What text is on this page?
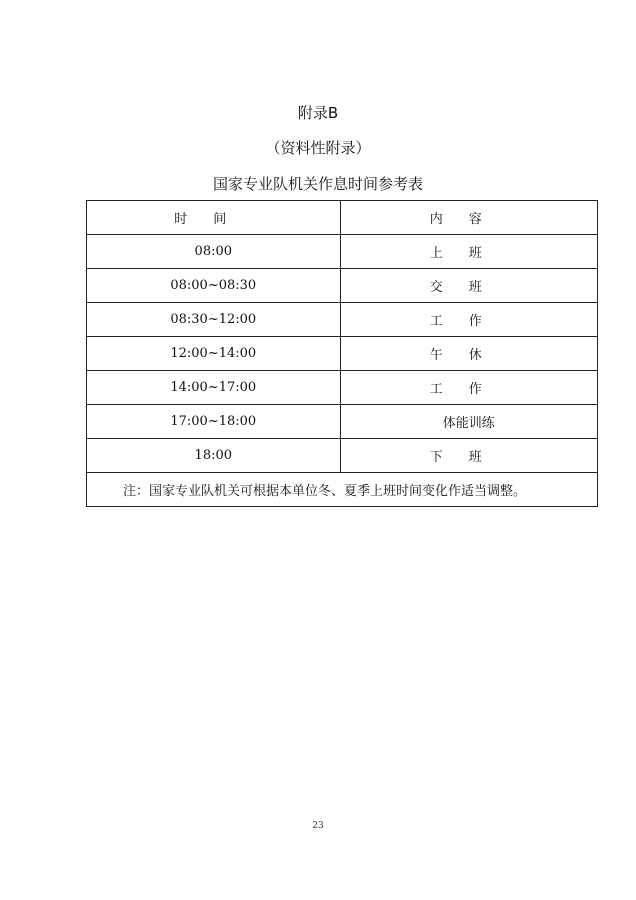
附录B
（资料性附录）
国家专业队机关作息时间参考表
时间	内容
08:00	上班
08:00~08:30	交班
08:30~12:00	工作
12:00~14:00	午休
14:00~17:00	工作
17:00~18:00	体能训练
18:00	下班
注：国家专业队机关可根据本单位冬、夏季上班时间变化作适当调整。	
23
